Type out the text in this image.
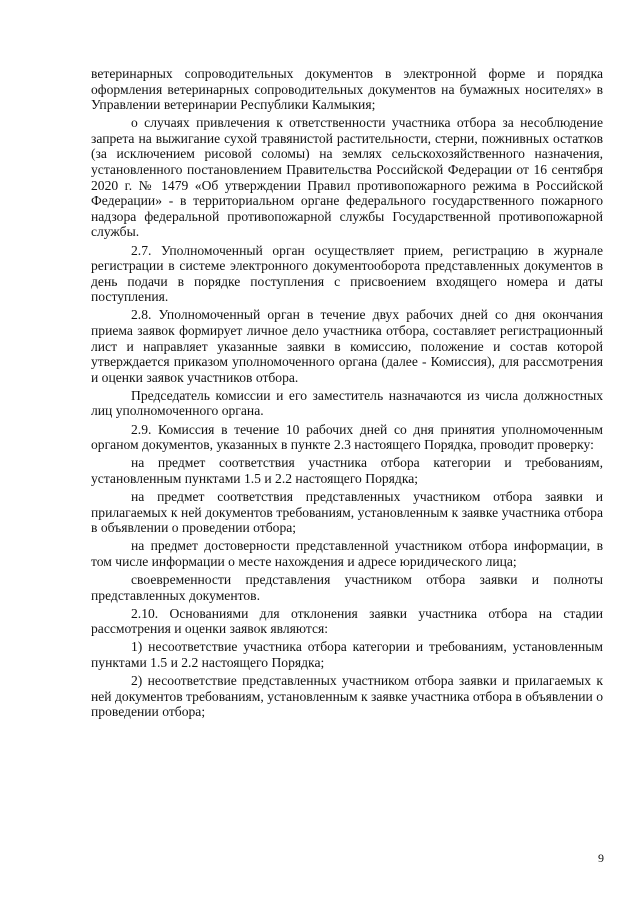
ветеринарных сопроводительных документов в электронной форме и порядка оформления ветеринарных сопроводительных документов на бумажных носителях» в Управлении ветеринарии Республики Калмыкия;

о случаях привлечения к ответственности участника отбора за несоблюдение запрета на выжигание сухой травянистой растительности, стерни, пожнивных остатков (за исключением рисовой соломы) на землях сельскохозяйственного назначения, установленного постановлением Правительства Российской Федерации от 16 сентября 2020 г. № 1479 «Об утверждении Правил противопожарного режима в Российской Федерации» - в территориальном органе федерального государственного пожарного надзора федеральной противопожарной службы Государственной противопожарной службы.

2.7. Уполномоченный орган осуществляет прием, регистрацию в журнале регистрации в системе электронного документооборота представленных документов в день подачи в порядке поступления с присвоением входящего номера и даты поступления.

2.8. Уполномоченный орган в течение двух рабочих дней со дня окончания приема заявок формирует личное дело участника отбора, составляет регистрационный лист и направляет указанные заявки в комиссию, положение и состав которой утверждается приказом уполномоченного органа (далее - Комиссия), для рассмотрения и оценки заявок участников отбора.

Председатель комиссии и его заместитель назначаются из числа должностных лиц уполномоченного органа.

2.9. Комиссия в течение 10 рабочих дней со дня принятия уполномоченным органом документов, указанных в пункте 2.3 настоящего Порядка, проводит проверку:

на предмет соответствия участника отбора категории и требованиям, установленным пунктами 1.5 и 2.2 настоящего Порядка;

на предмет соответствия представленных участником отбора заявки и прилагаемых к ней документов требованиям, установленным к заявке участника отбора в объявлении о проведении отбора;

на предмет достоверности представленной участником отбора информации, в том числе информации о месте нахождения и адресе юридического лица;

своевременности представления участником отбора заявки и полноты представленных документов.

2.10. Основаниями для отклонения заявки участника отбора на стадии рассмотрения и оценки заявок являются:

1) несоответствие участника отбора категории и требованиям, установленным пунктами 1.5 и 2.2 настоящего Порядка;

2) несоответствие представленных участником отбора заявки и прилагаемых к ней документов требованиям, установленным к заявке участника отбора в объявлении о проведении отбора;

9
